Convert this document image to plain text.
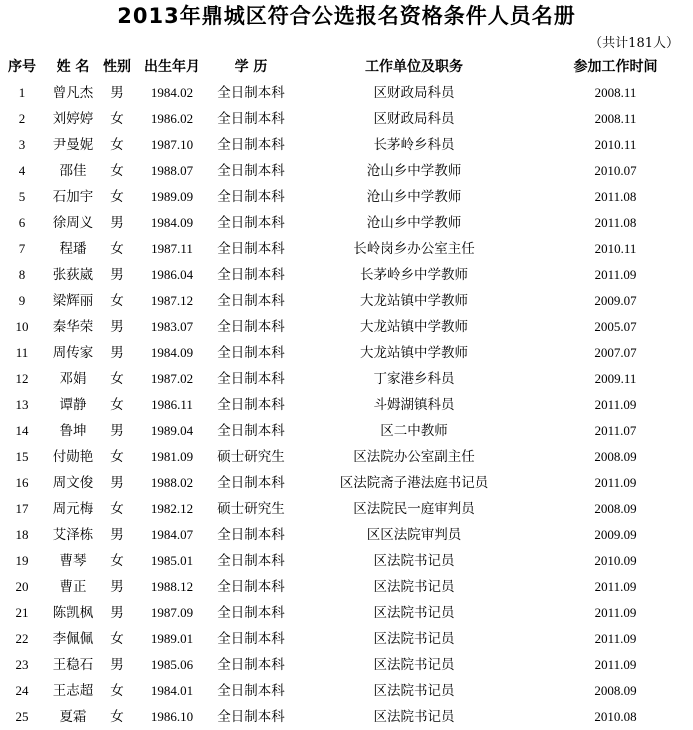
2013年鼎城区符合公选报名资格条件人员名册
（共计181人）
序号	姓 名	性别	出生年月	学 历	工作单位及职务	参加工作时间
1	曾凡杰	男	1984.02	全日制本科	区财政局科员	2008.11
2	刘婷婷	女	1986.02	全日制本科	区财政局科员	2008.11
3	尹曼妮	女	1987.10	全日制本科	长茅岭乡科员	2010.11
4	邵佳	女	1988.07	全日制本科	沧山乡中学教师	2010.07
5	石加宇	女	1989.09	全日制本科	沧山乡中学教师	2011.08
6	徐周义	男	1984.09	全日制本科	沧山乡中学教师	2011.08
7	程璠	女	1987.11	全日制本科	长岭岗乡办公室主任	2010.11
8	张荻崴	男	1986.04	全日制本科	长茅岭乡中学教师	2011.09
9	梁辉丽	女	1987.12	全日制本科	大龙站镇中学教师	2009.07
10	秦华荣	男	1983.07	全日制本科	大龙站镇中学教师	2005.07
11	周传家	男	1984.09	全日制本科	大龙站镇中学教师	2007.07
12	邓娟	女	1987.02	全日制本科	丁家港乡科员	2009.11
13	谭静	女	1986.11	全日制本科	斗姆湖镇科员	2011.09
14	鲁坤	男	1989.04	全日制本科	区二中教师	2011.07
15	付勋艳	女	1981.09	硕士研究生	区法院办公室副主任	2008.09
16	周文俊	男	1988.02	全日制本科	区法院斋子港法庭书记员	2011.09
17	周元梅	女	1982.12	硕士研究生	区法院民一庭审判员	2008.09
18	艾泽栋	男	1984.07	全日制本科	区区法院审判员	2009.09
19	曹琴	女	1985.01	全日制本科	区法院书记员	2010.09
20	曹正	男	1988.12	全日制本科	区法院书记员	2011.09
21	陈凯枫	男	1987.09	全日制本科	区法院书记员	2011.09
22	李佩佩	女	1989.01	全日制本科	区法院书记员	2011.09
23	王稳石	男	1985.06	全日制本科	区法院书记员	2011.09
24	王志超	女	1984.01	全日制本科	区法院书记员	2008.09
25	夏霜	女	1986.10	全日制本科	区法院书记员	2010.08
